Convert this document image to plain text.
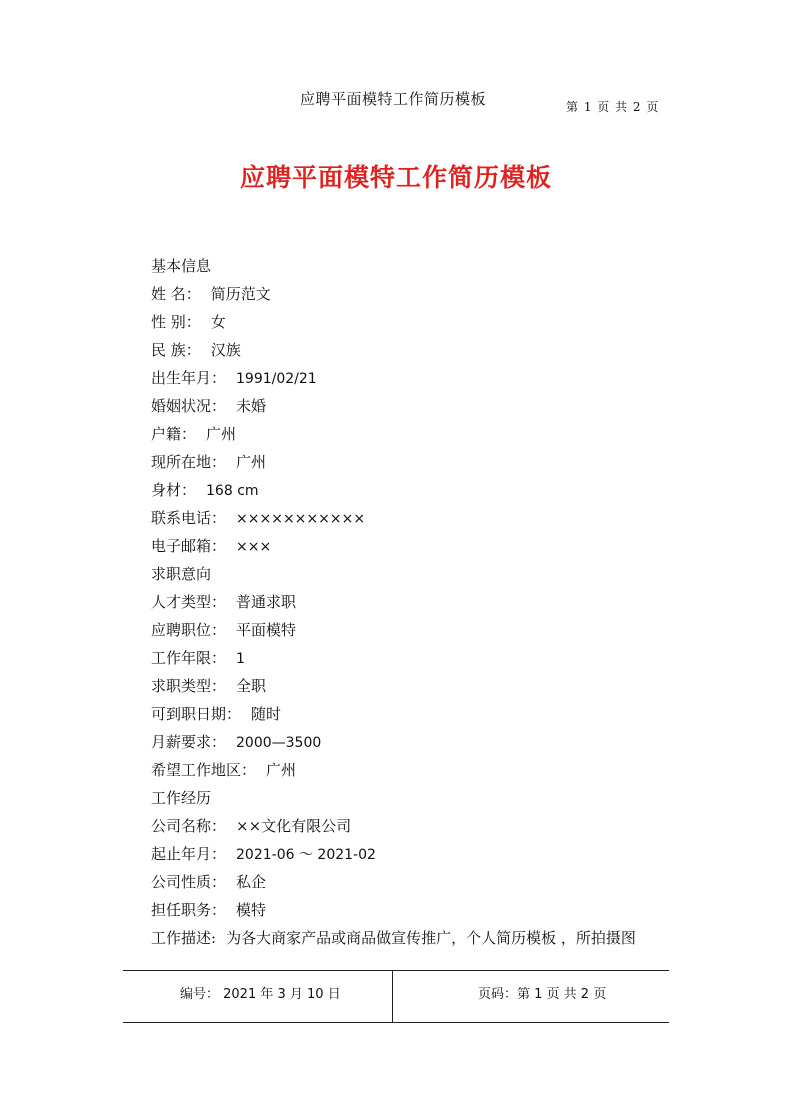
应聘平面模特工作简历模板	第 1 页 共 2 页
应聘平面模特工作简历模板
基本信息
姓 名： 简历范文
性 别： 女
民 族： 汉族
出生年月： 1991/02/21
婚姻状况： 未婚
户籍： 广州
现所在地： 广州
身材： 168 cm
联系电话： ×××××××××××
电子邮箱： ×××
求职意向
人才类型： 普通求职
应聘职位： 平面模特
工作年限： 1
求职类型： 全职
可到职日期： 随时
月薪要求： 2000—3500
希望工作地区： 广州
工作经历
公司名称： ××文化有限公司
起止年月： 2021-06 ～ 2021-02
公司性质： 私企
担任职务： 模特
工作描述: 为各大商家产品或商品做宣传推广，个人简历模板 ，所拍摄图
编号： 2021 年 3 月 10 日	页码：第 1 页 共 2 页
